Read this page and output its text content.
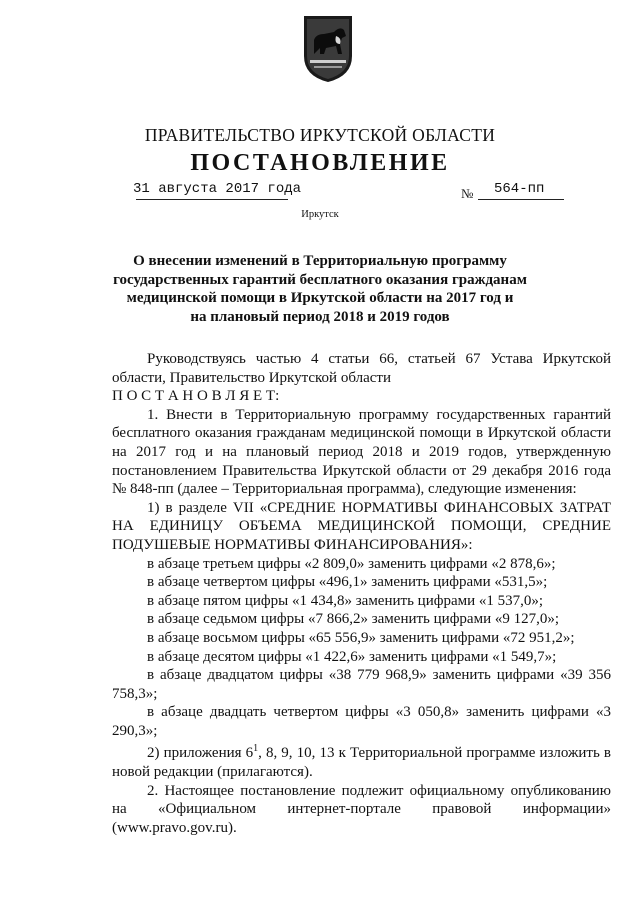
ПРАВИТЕЛЬСТВО ИРКУТСКОЙ ОБЛАСТИ
ПОСТАНОВЛЕНИЕ
31 августа 2017 года	№ 564-пп
Иркутск
О внесении изменений в Территориальную программу
государственных гарантий бесплатного оказания гражданам
медицинской помощи в Иркутской области на 2017 год и
на плановый период 2018 и 2019 годов

Руководствуясь частью 4 статьи 66, статьей 67 Устава Иркутской области, Правительство Иркутской области

П О С Т А Н О В Л Я Е Т:

1. Внести в Территориальную программу государственных гарантий бесплатного оказания гражданам медицинской помощи в Иркутской области на 2017 год и на плановый период 2018 и 2019 годов, утвержденную постановлением Правительства Иркутской области от 29 декабря 2016 года № 848-пп (далее – Территориальная программа), следующие изменения:

1) в разделе VII «СРЕДНИЕ НОРМАТИВЫ ФИНАНСОВЫХ ЗАТРАТ НА ЕДИНИЦУ ОБЪЕМА МЕДИЦИНСКОЙ ПОМОЩИ, СРЕДНИЕ ПОДУШЕВЫЕ НОРМАТИВЫ ФИНАНСИРОВАНИЯ»:

в абзаце третьем цифры «2 809,0» заменить цифрами «2 878,6»;

в абзаце четвертом цифры «496,1» заменить цифрами «531,5»;

в абзаце пятом цифры «1 434,8» заменить цифрами «1 537,0»;

в абзаце седьмом цифры «7 866,2» заменить цифрами «9 127,0»;

в абзаце восьмом цифры «65 556,9» заменить цифрами «72 951,2»;

в абзаце десятом цифры «1 422,6» заменить цифрами «1 549,7»;

в абзаце двадцатом цифры «38 779 968,9» заменить цифрами «39 356 758,3»;

в абзаце двадцать четвертом цифры «3 050,8» заменить цифрами «3 290,3»;

2) приложения $6^1$, 8, 9, 10, 13 к Территориальной программе изложить в новой редакции (прилагаются).

2. Настоящее постановление подлежит официальному опубликованию на «Официальном интернет-портале правовой информации» (www.pravo.gov.ru).
